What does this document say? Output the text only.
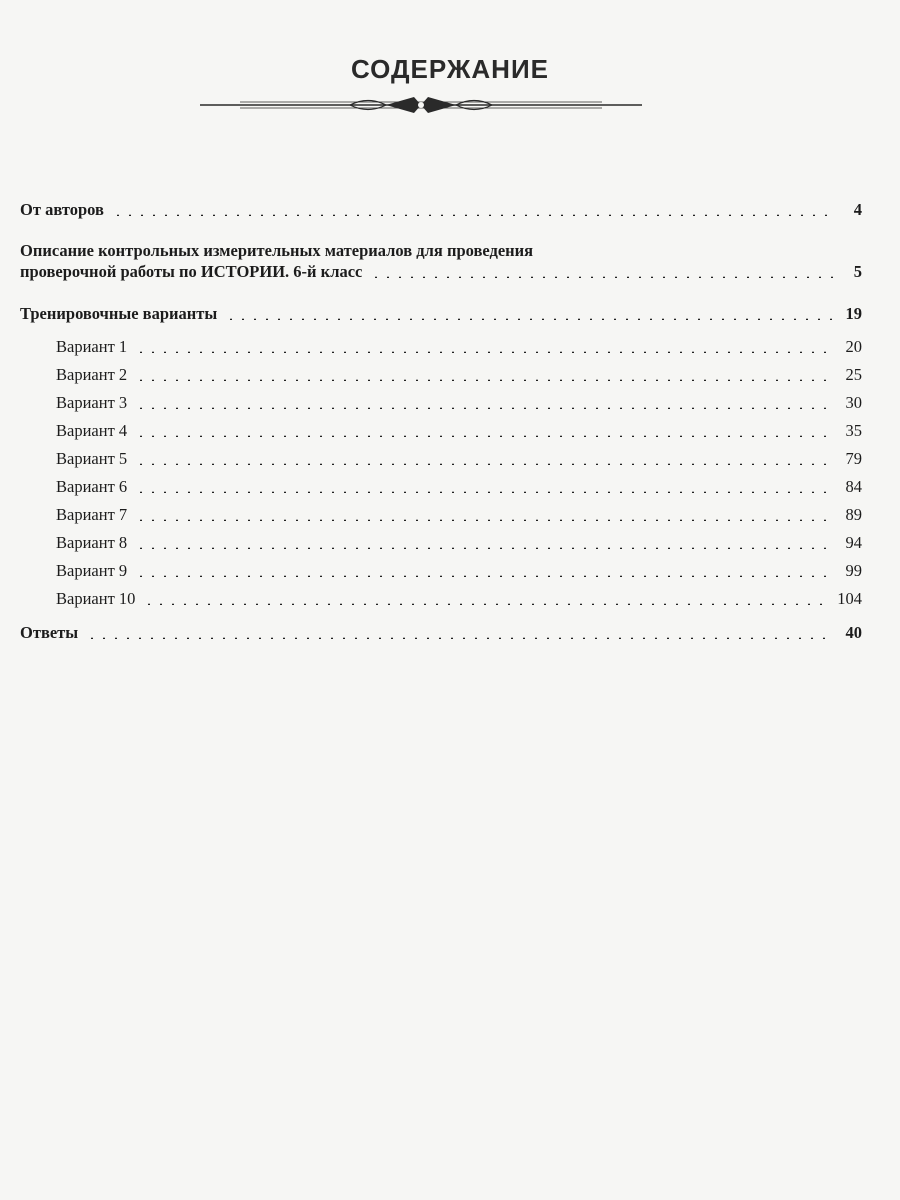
СОДЕРЖАНИЕ
От авторов	4
Описание контрольных измерительных материалов для проведения
проверочной работы по ИСТОРИИ. 6-й класс	5
Тренировочные варианты	19
Вариант 1	20
Вариант 2	25
Вариант 3	30
Вариант 4	35
Вариант 5	79
Вариант 6	84
Вариант 7	89
Вариант 8	94
Вариант 9	99
Вариант 10	104
Ответы	40
